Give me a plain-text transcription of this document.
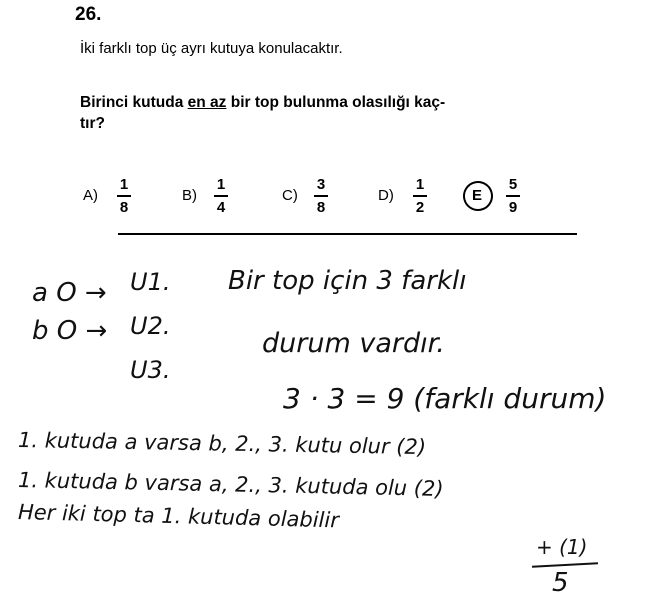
26.
İki farklı top üç ayrı kutuya konulacaktır.
Birinci kutuda en az bir top bulunma olasılığı kaç-
tır?
A)
1
8
B)
1
4
C)
3
8
D)
1
2
E
5
9
a O →
b O →
U1.
U2.
U3.
Bir top için 3 farklı
durum vardır.
3 · 3 = 9 (farklı durum)
1. kutuda a varsa b, 2., 3. kutu olur (2)
1. kutuda b varsa a, 2., 3. kutuda olu (2)
Her iki top ta 1. kutuda olabilir
+ (1)
5
